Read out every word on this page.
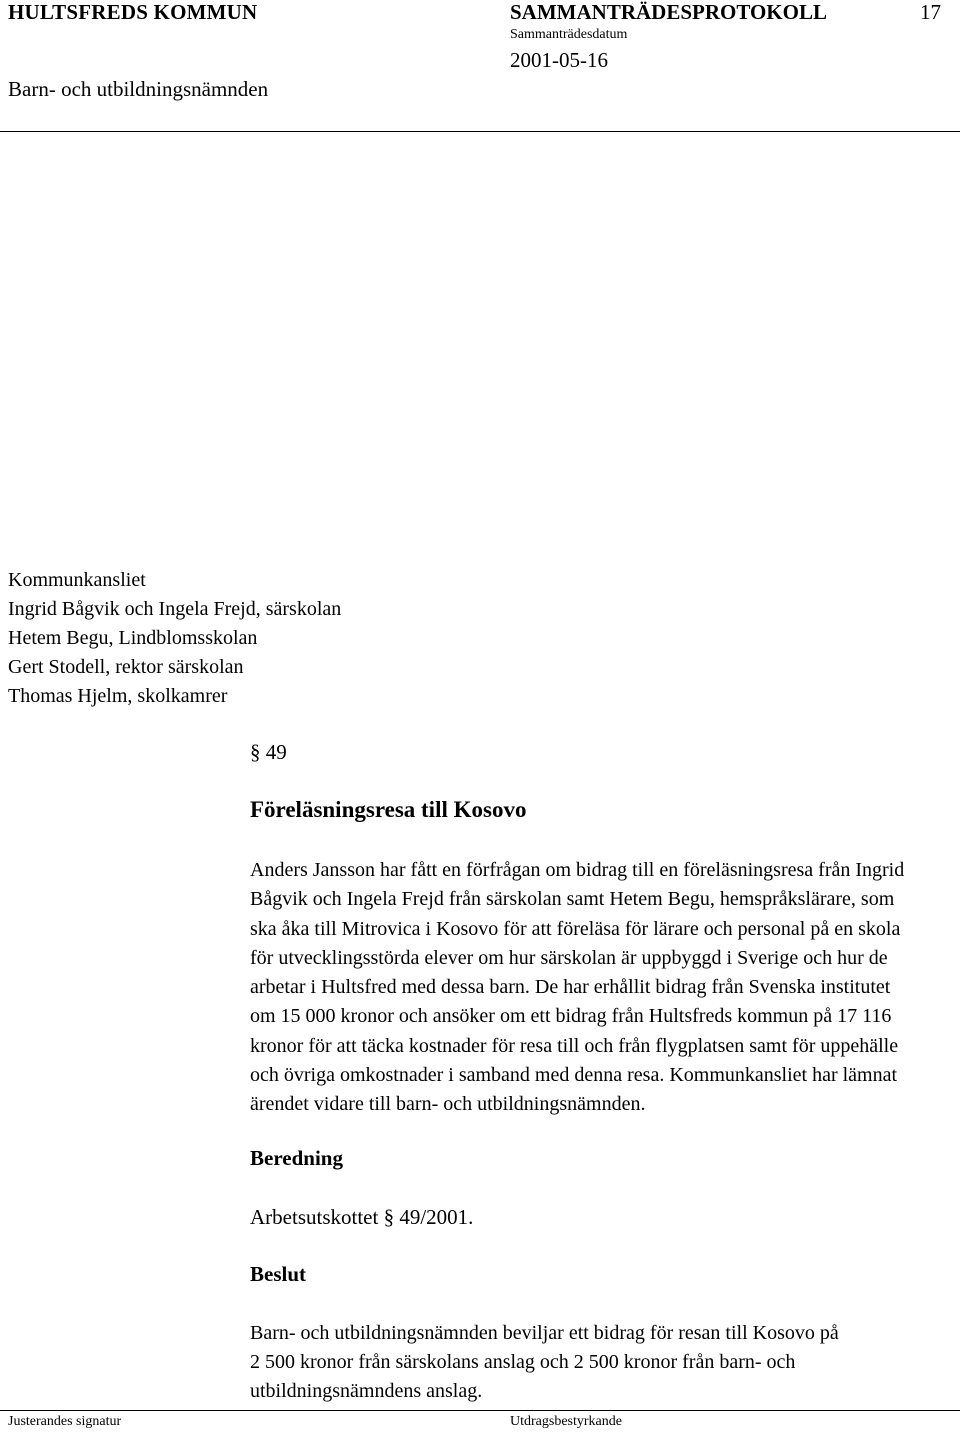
HULTSFREDS KOMMUN	SAMMANTRÄDESPROTOKOLL	17
Sammanträdesdatum
2001-05-16
Barn- och utbildningsnämnden
Kommunkansliet
Ingrid Bågvik och Ingela Frejd, särskolan
Hetem Begu, Lindblomsskolan
Gert Stodell, rektor särskolan
Thomas Hjelm, skolkamrer
§ 49
Föreläsningsresa till Kosovo
Anders Jansson har fått en förfrågan om bidrag till en föreläsningsresa från Ingrid
Bågvik och Ingela Frejd från särskolan samt Hetem Begu, hemspråkslärare, som
ska åka till Mitrovica i Kosovo för att föreläsa för lärare och personal på en skola
för utvecklingsstörda elever om hur särskolan är uppbyggd i Sverige och hur de
arbetar i Hultsfred med dessa barn. De har erhållit bidrag från Svenska institutet
om 15 000 kronor och ansöker om ett bidrag från Hultsfreds kommun på 17 116
kronor för att täcka kostnader för resa till och från flygplatsen samt för uppehälle
och övriga omkostnader i samband med denna resa. Kommunkansliet har lämnat
ärendet vidare till barn- och utbildningsnämnden.
Beredning
Arbetsutskottet § 49/2001.
Beslut
Barn- och utbildningsnämnden beviljar ett bidrag för resan till Kosovo på
2 500 kronor från särskolans anslag och 2 500 kronor från barn- och
utbildningsnämndens anslag.
Justerandes signatur	Utdragsbestyrkande
